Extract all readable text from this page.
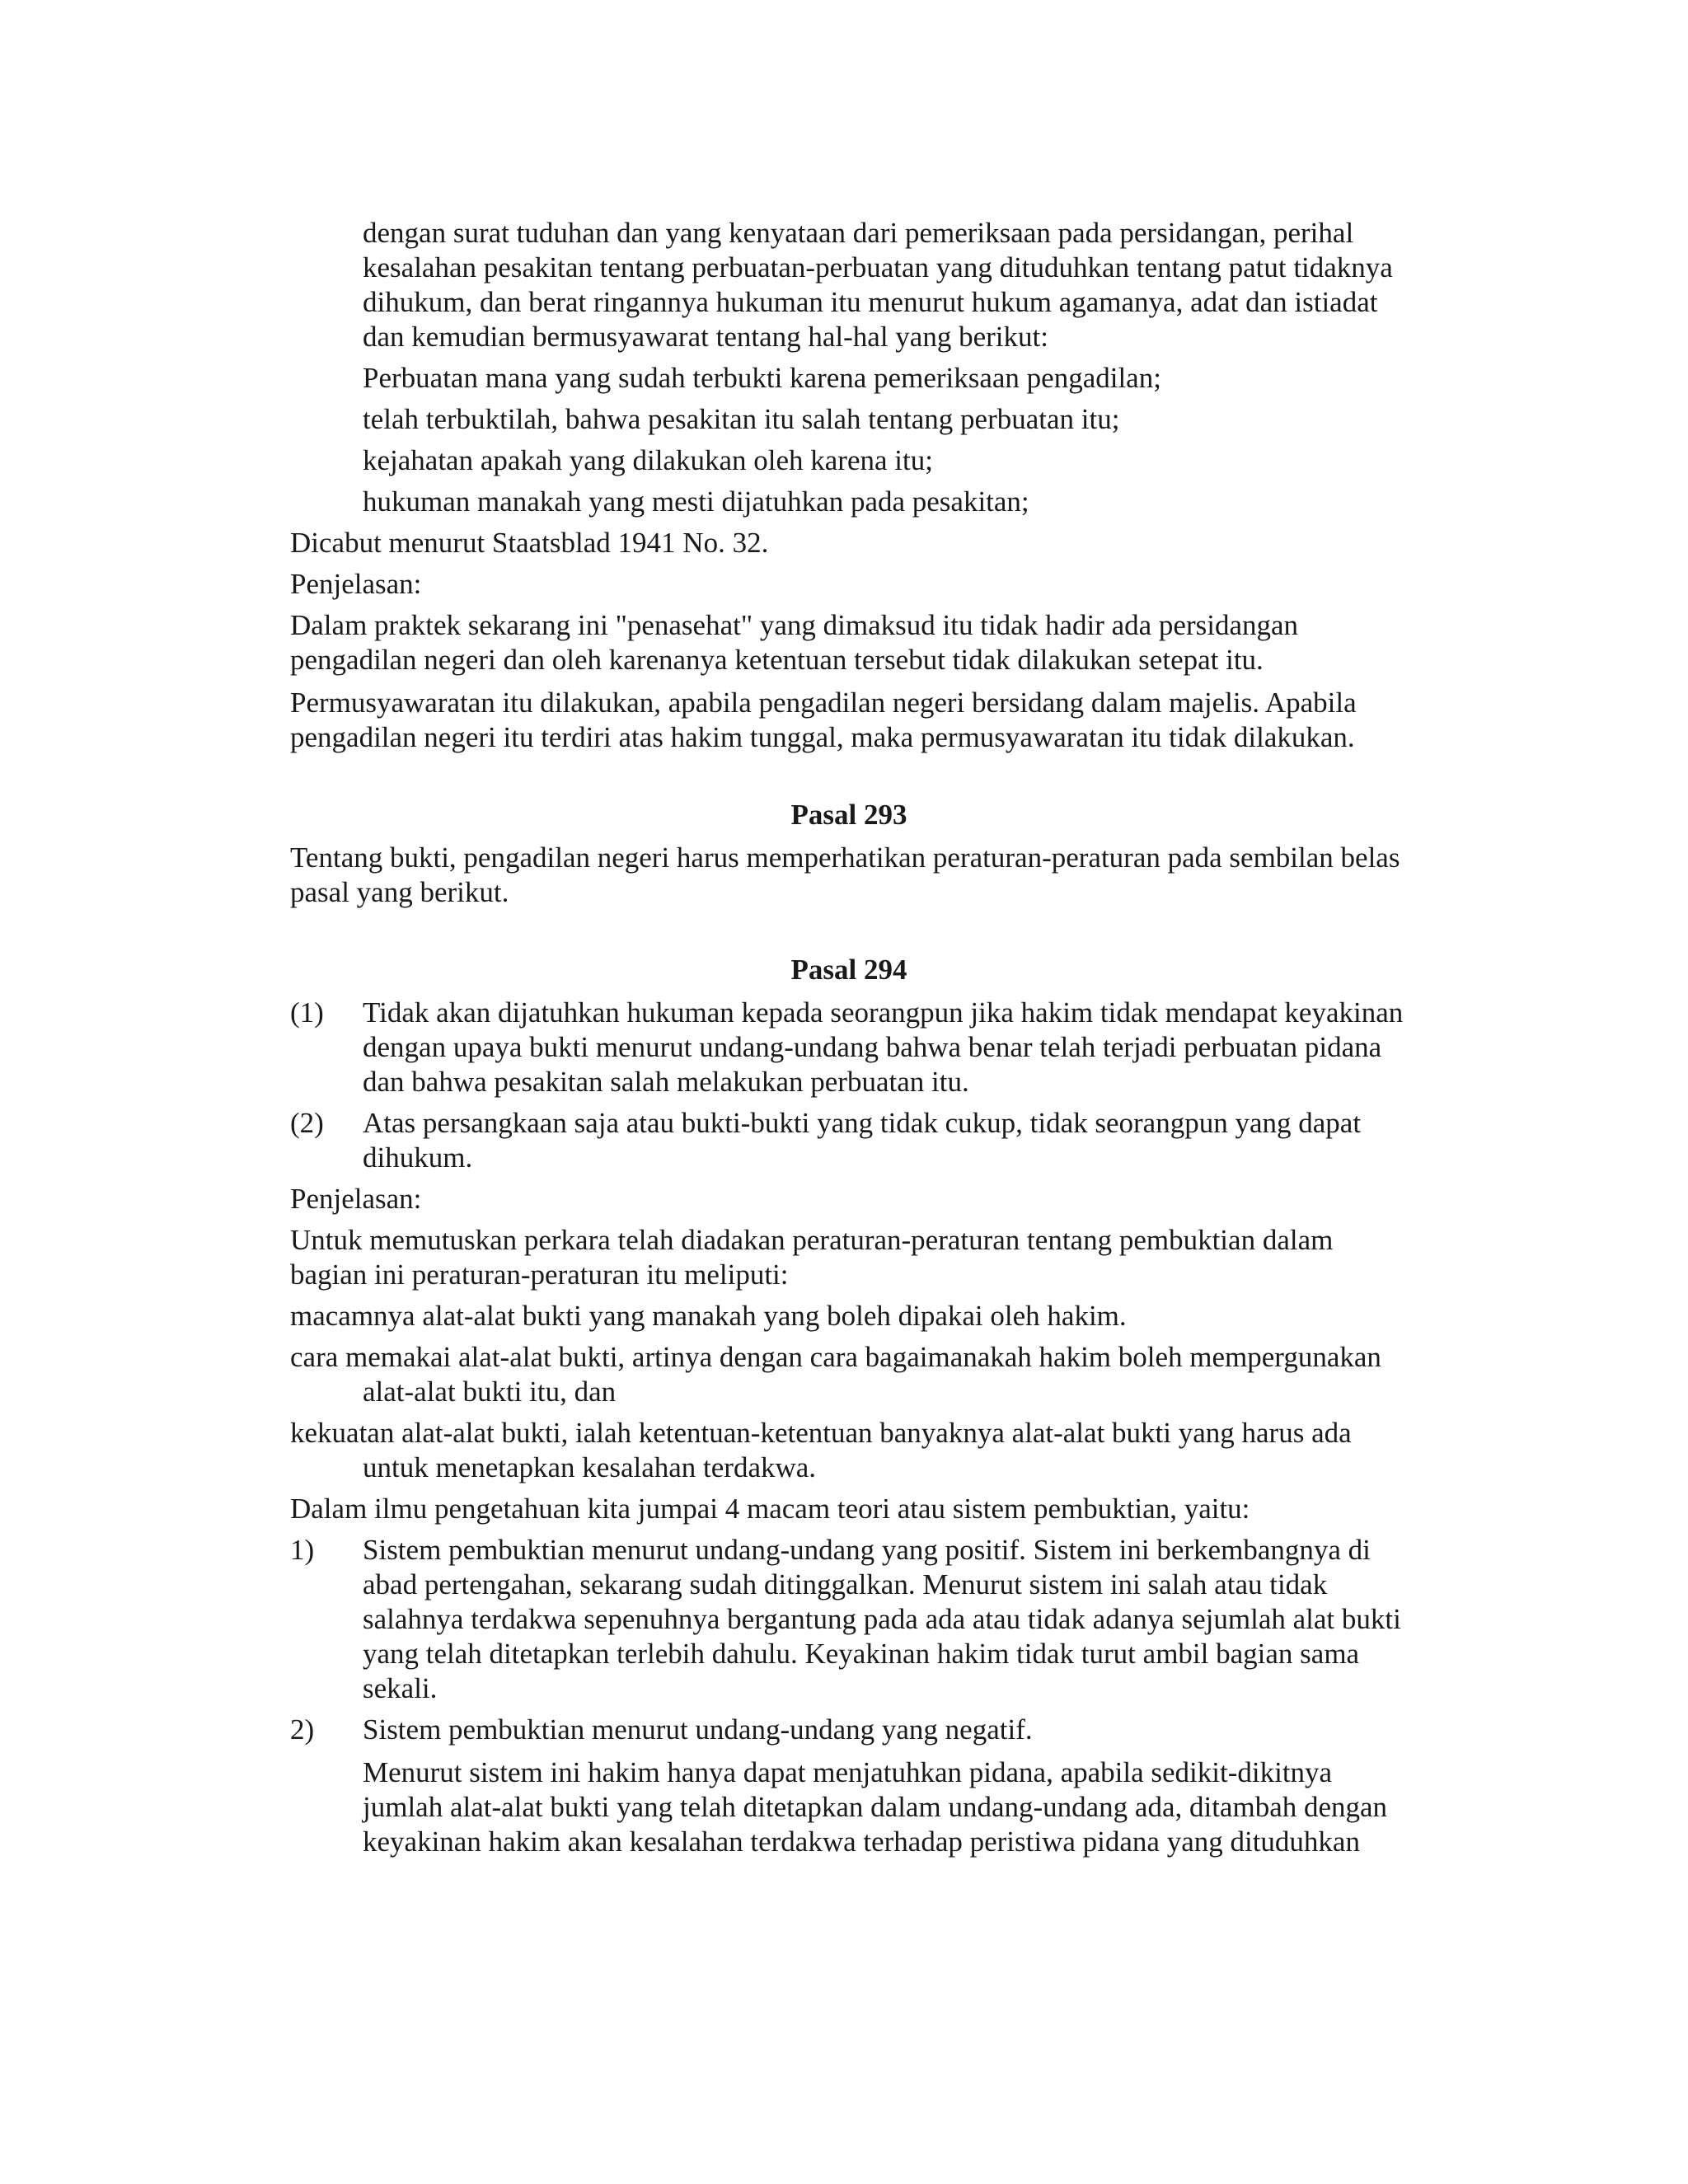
dengan surat tuduhan dan yang kenyataan dari pemeriksaan pada persidangan, perihal kesalahan pesakitan tentang perbuatan-perbuatan yang dituduhkan tentang patut tidaknya dihukum, dan berat ringannya hukuman itu menurut hukum agamanya, adat dan istiadat dan kemudian bermusyawarat tentang hal-hal yang berikut:

Perbuatan mana yang sudah terbukti karena pemeriksaan pengadilan;

telah terbuktilah, bahwa pesakitan itu salah tentang perbuatan itu;

kejahatan apakah yang dilakukan oleh karena itu;

hukuman manakah yang mesti dijatuhkan pada pesakitan;

Dicabut menurut Staatsblad 1941 No. 32.

Penjelasan:

Dalam praktek sekarang ini "penasehat" yang dimaksud itu tidak hadir ada persidangan pengadilan negeri dan oleh karenanya ketentuan tersebut tidak dilakukan setepat itu.

Permusyawaratan itu dilakukan, apabila pengadilan negeri bersidang dalam majelis. Apabila pengadilan negeri itu terdiri atas hakim tunggal, maka permusyawaratan itu tidak dilakukan.

Pasal 293

Tentang bukti, pengadilan negeri harus memperhatikan peraturan-peraturan pada sembilan belas pasal yang berikut.

Pasal 294

(1)	Tidak akan dijatuhkan hukuman kepada seorangpun jika hakim tidak mendapat keyakinan dengan upaya bukti menurut undang-undang bahwa benar telah terjadi perbuatan pidana dan bahwa pesakitan salah melakukan perbuatan itu.
(2)	Atas persangkaan saja atau bukti-bukti yang tidak cukup, tidak seorangpun yang dapat dihukum.

Penjelasan:

Untuk memutuskan perkara telah diadakan peraturan-peraturan tentang pembuktian dalam bagian ini peraturan-peraturan itu meliputi:

macamnya alat-alat bukti yang manakah yang boleh dipakai oleh hakim.

cara memakai alat-alat bukti, artinya dengan cara bagaimanakah hakim boleh mempergunakan alat-alat bukti itu, dan

kekuatan alat-alat bukti, ialah ketentuan-ketentuan banyaknya alat-alat bukti yang harus ada untuk menetapkan kesalahan terdakwa.

Dalam ilmu pengetahuan kita jumpai 4 macam teori atau sistem pembuktian, yaitu:

1)	Sistem pembuktian menurut undang-undang yang positif. Sistem ini berkembangnya di abad pertengahan, sekarang sudah ditinggalkan. Menurut sistem ini salah atau tidak salahnya terdakwa sepenuhnya bergantung pada ada atau tidak adanya sejumlah alat bukti yang telah ditetapkan terlebih dahulu. Keyakinan hakim tidak turut ambil bagian sama sekali.
2)	Sistem pembuktian menurut undang-undang yang negatif.

Menurut sistem ini hakim hanya dapat menjatuhkan pidana, apabila sedikit-dikitnya jumlah alat-alat bukti yang telah ditetapkan dalam undang-undang ada, ditambah dengan keyakinan hakim akan kesalahan terdakwa terhadap peristiwa pidana yang dituduhkan
